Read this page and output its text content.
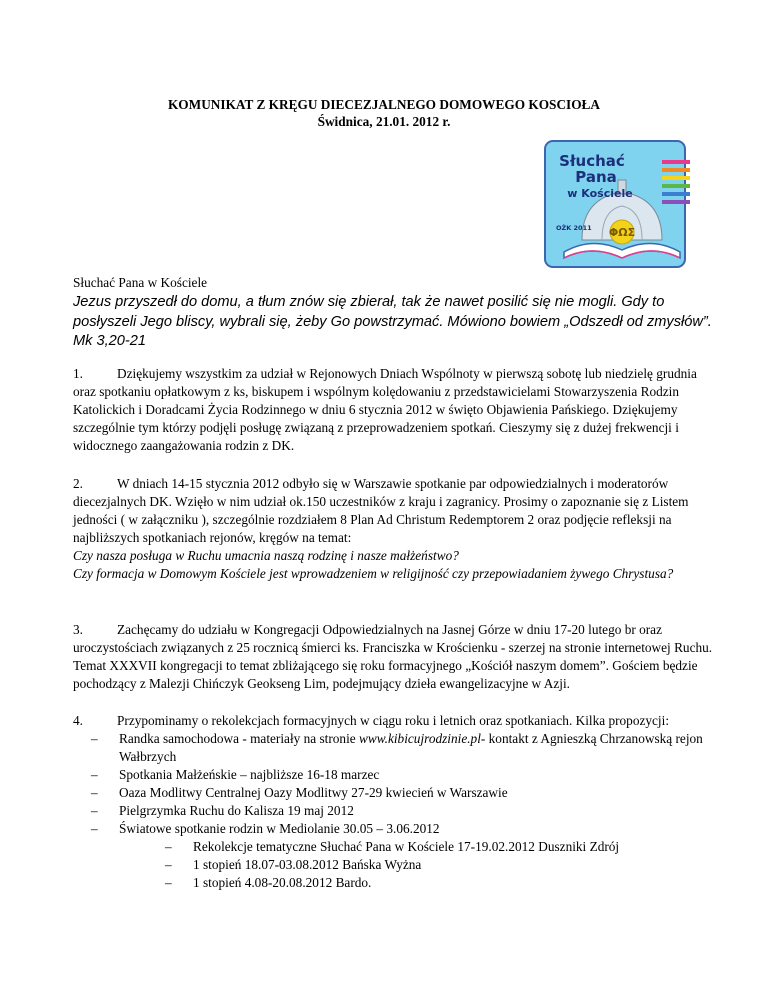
KOMUNIKAT Z KRĘGU DIECEZJALNEGO DOMOWEGO KOSCIOŁA
Świdnica, 21.01. 2012 r.
ΦΩΣ
Słuchać
Pana
w Kościele
OŻK 2011
Słuchać Pana w Kościele
Jezus przyszedł do domu, a tłum znów się zbierał, tak że nawet posilić się nie mogli. Gdy to posłyszeli Jego bliscy, wybrali się, żeby Go powstrzymać. Mówiono bowiem „Odszedł od zmysłów”. Mk 3,20-21
1.	Dziękujemy wszystkim za udział w Rejonowych Dniach Wspólnoty w pierwszą sobotę lub niedzielę grudnia oraz spotkaniu opłatkowym z ks, biskupem i wspólnym kolędowaniu z przedstawicielami Stowarzyszenia Rodzin Katolickich i Doradcami Życia Rodzinnego w dniu 6 stycznia 2012 w święto Objawienia Pańskiego. Dziękujemy szczególnie tym którzy podjęli posługę związaną z przeprowadzeniem spotkań. Cieszymy się z dużej frekwencji i widocznego zaangażowania rodzin z DK.

2.	W dniach 14-15 stycznia 2012 odbyło się w Warszawie spotkanie par odpowiedzialnych i moderatorów diecezjalnych DK. Wzięło w nim udział ok.150 uczestników z kraju i zagranicy. Prosimy o zapoznanie się z Listem jedności ( w załączniku ), szczególnie rozdziałem 8 Plan Ad Christum Redemptorem 2 oraz podjęcie refleksji na najbliższych spotkaniach rejonów, kręgów na temat:

Czy nasza posługa w Ruchu umacnia naszą rodzinę i nasze małżeństwo?

Czy formacja w Domowym Kościele jest wprowadzeniem w religijność czy przepowiadaniem żywego Chrystusa?

3.	Zachęcamy do udziału w Kongregacji Odpowiedzialnych na Jasnej Górze w dniu 17-20 lutego br oraz uroczystościach związanych z 25 rocznicą śmierci ks. Franciszka w Krościenku - szerzej na stronie internetowej Ruchu. Temat XXXVII kongregacji to temat zbliżającego się roku formacyjnego „Kościół naszym domem”. Gościem będzie pochodzący z Malezji Chińczyk Geokseng Lim, podejmujący dzieła ewangelizacyjne w Azji.

4.	Przypominamy o rekolekcjach formacyjnych w ciągu roku i letnich oraz spotkaniach. Kilka propozycji:

– Randka samochodowa - materiały na stronie www.kibicujrodzinie.pl- kontakt z Agnieszką Chrzanowską rejon Wałbrzych
– Spotkania Małżeńskie – najbliższe 16-18 marzec
– Oaza Modlitwy Centralnej Oazy Modlitwy 27-29 kwiecień w Warszawie
– Pielgrzymka Ruchu do Kalisza 19 maj 2012
– Światowe spotkanie rodzin w Mediolanie 30.05 – 3.06.2012
– Rekolekcje tematyczne Słuchać Pana w Kościele 17-19.02.2012 Duszniki Zdrój
– 1 stopień 18.07-03.08.2012 Bańska Wyżna
– 1 stopień 4.08-20.08.2012 Bardo.
